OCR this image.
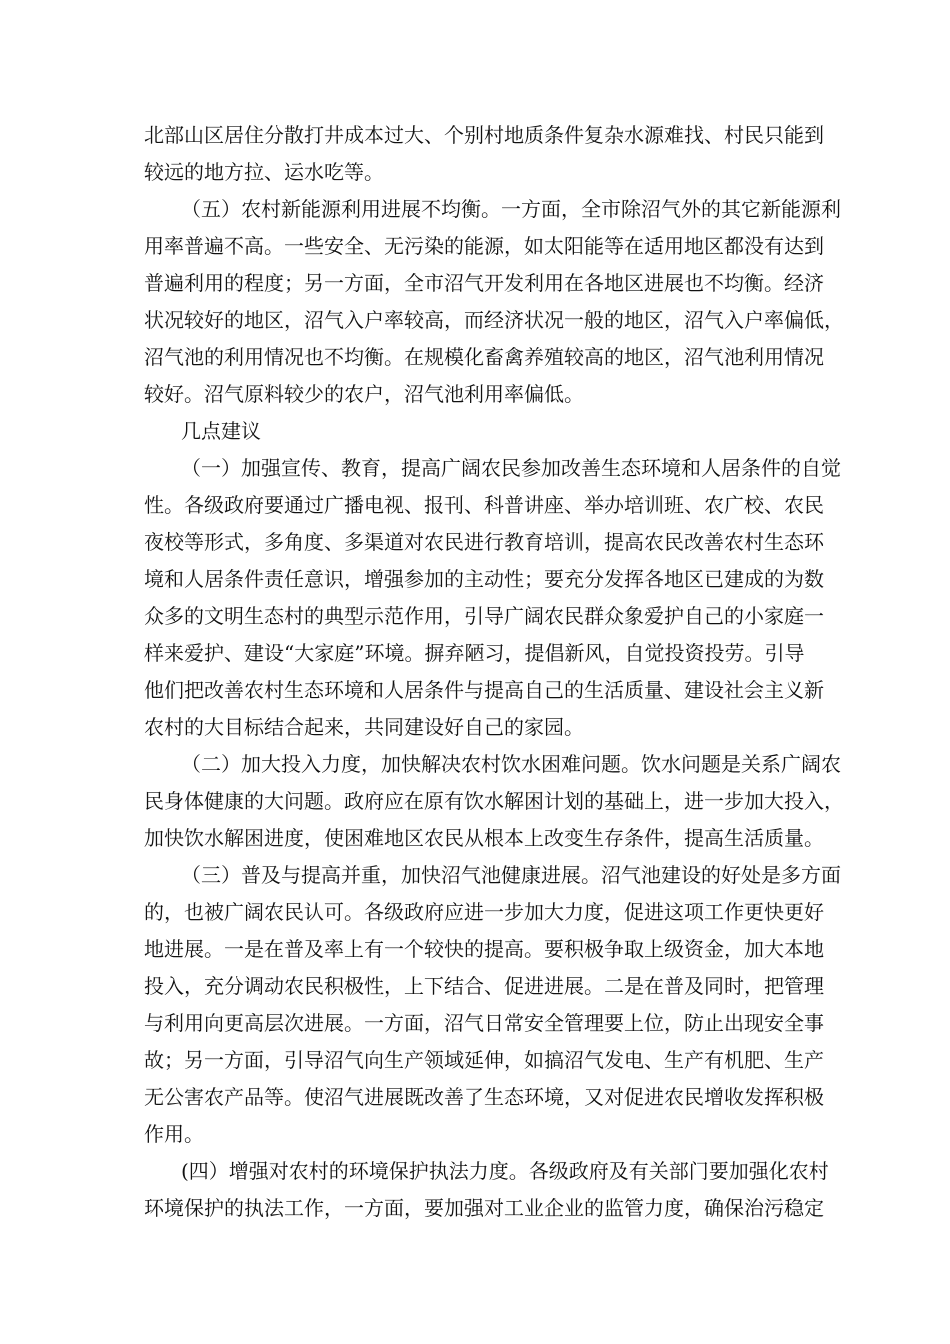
北部山区居住分散打井成本过大、个别村地质条件复杂水源难找、村民只能到
较远的地方拉、运水吃等。
（五）农村新能源利用进展不均衡。一方面，全市除沼气外的其它新能源利
用率普遍不高。一些安全、无污染的能源，如太阳能等在适用地区都没有达到
普遍利用的程度；另一方面，全市沼气开发利用在各地区进展也不均衡。经济
状况较好的地区，沼气入户率较高，而经济状况一般的地区，沼气入户率偏低，
沼气池的利用情况也不均衡。在规模化畜禽养殖较高的地区，沼气池利用情况
较好。沼气原料较少的农户，沼气池利用率偏低。
几点建议
（一）加强宣传、教育，提高广阔农民参加改善生态环境和人居条件的自觉
性。各级政府要通过广播电视、报刊、科普讲座、举办培训班、农广校、农民
夜校等形式，多角度、多渠道对农民进行教育培训，提高农民改善农村生态环
境和人居条件责任意识，增强参加的主动性；要充分发挥各地区已建成的为数
众多的文明生态村的典型示范作用，引导广阔农民群众象爱护自己的小家庭一
样来爱护、建设“大家庭”环境。摒弃陋习，提倡新风，自觉投资投劳。引导
他们把改善农村生态环境和人居条件与提高自己的生活质量、建设社会主义新
农村的大目标结合起来，共同建设好自己的家园。
（二）加大投入力度，加快解决农村饮水困难问题。饮水问题是关系广阔农
民身体健康的大问题。政府应在原有饮水解困计划的基础上，进一步加大投入，
加快饮水解困进度，使困难地区农民从根本上改变生存条件，提高生活质量。
（三）普及与提高并重，加快沼气池健康进展。沼气池建设的好处是多方面
的，也被广阔农民认可。各级政府应进一步加大力度，促进这项工作更快更好
地进展。一是在普及率上有一个较快的提高。要积极争取上级资金，加大本地
投入，充分调动农民积极性，上下结合、促进进展。二是在普及同时，把管理
与利用向更高层次进展。一方面，沼气日常安全管理要上位，防止出现安全事
故；另一方面，引导沼气向生产领域延伸，如搞沼气发电、生产有机肥、生产
无公害农产品等。使沼气进展既改善了生态环境，又对促进农民增收发挥积极
作用。
(四）增强对农村的环境保护执法力度。各级政府及有关部门要加强化农村
环境保护的执法工作，一方面，要加强对工业企业的监管力度，确保治污稳定
